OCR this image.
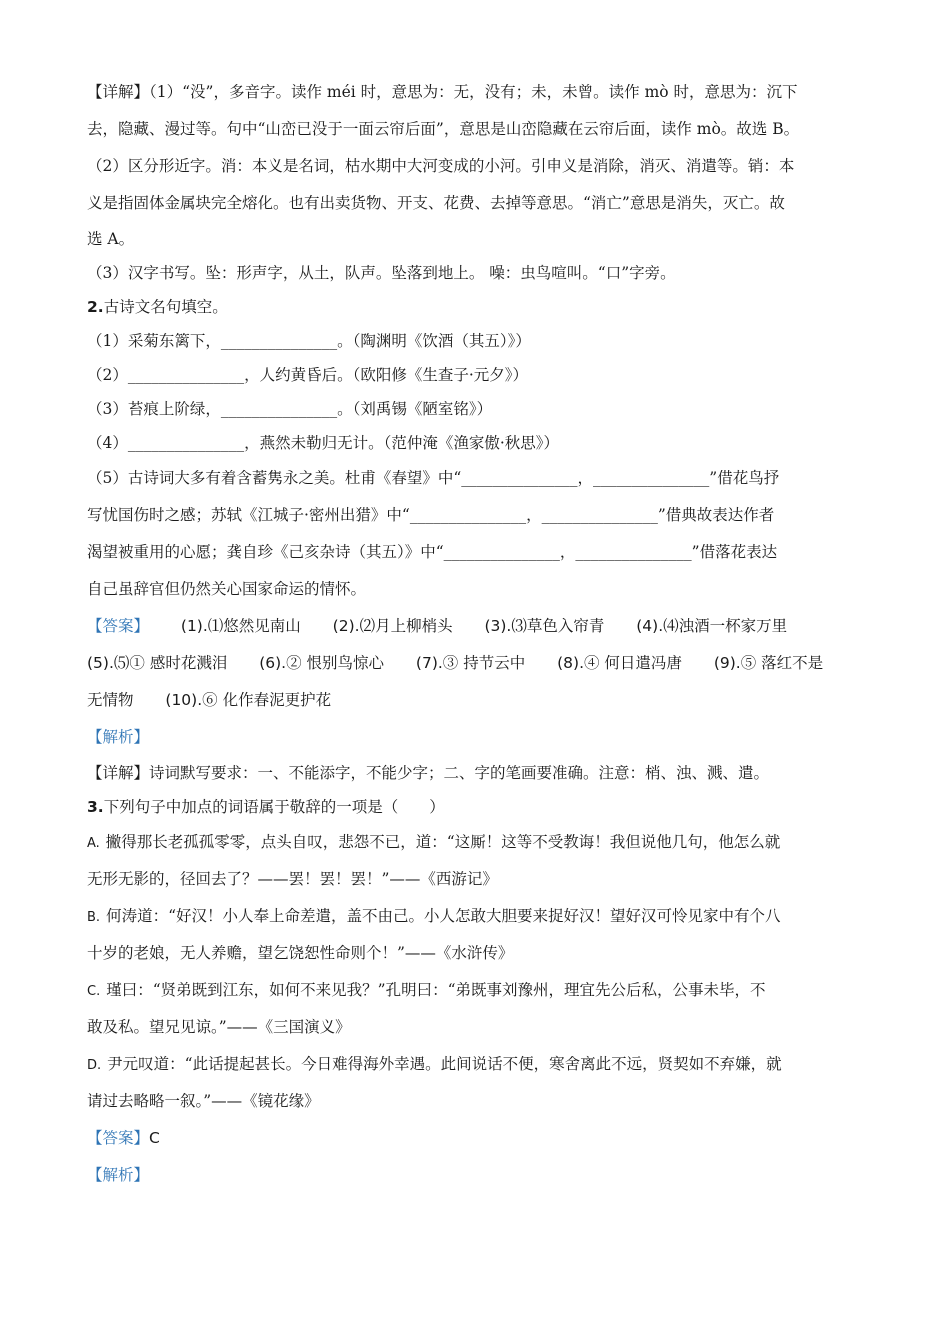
【详解】（1）“没”，多音字。读作 méi 时，意思为：无，没有；未，未曾。读作 mò 时，意思为：沉下
去，隐藏、漫过等。句中“山峦已没于一面云帘后面”，意思是山峦隐藏在云帘后面，读作 mò。故选 B。
（2）区分形近字。消：本义是名词，枯水期中大河变成的小河。引申义是消除，消灭、消遣等。销：本
义是指固体金属块完全熔化。也有出卖货物、开支、花费、去掉等意思。“消亡”意思是消失，灭亡。故
选 A。
（3）汉字书写。坠：形声字，从土，队声。坠落到地上。 噪：虫鸟喧叫。“口”字旁。
2.古诗文名句填空。
（1）采菊东篱下，_______________。（陶渊明《饮酒（其五）》）
（2）_______________，人约黄昏后。（欧阳修《生查子·元夕》）
（3）苔痕上阶绿，_______________。（刘禹锡《陋室铭》）
（4）_______________，燕然未勒归无计。（范仲淹《渔家傲·秋思》）
（5）古诗词大多有着含蓄隽永之美。杜甫《春望》中“_______________，_______________”借花鸟抒
写忧国伤时之感；苏轼《江城子·密州出猎》中“_______________，_______________”借典故表达作者
渴望被重用的心愿；龚自珍《己亥杂诗（其五）》中“_______________，_______________”借落花表达
自己虽辞官但仍然关心国家命运的情怀。
【答案】 (1).⑴悠然见南山 (2).⑵月上柳梢头 (3).⑶草色入帘青 (4).⑷浊酒一杯家万里
(5).⑸① 感时花溅泪 (6).② 恨别鸟惊心 (7).③ 持节云中 (8).④ 何日遣冯唐 (9).⑤ 落红不是
无情物 (10).⑥ 化作春泥更护花
【解析】
【详解】诗词默写要求：一、不能添字，不能少字；二、字的笔画要准确。注意：梢、浊、溅、遣。
3.下列句子中加点的词语属于敬辞的一项是（　　）
A. 撇得那长老孤孤零零，点头自叹，悲怨不已，道：“这厮！这等不受教诲！我但说他几句，他怎么就
无形无影的，径回去了？——罢！罢！罢！”——《西游记》
B. 何涛道：“好汉！小人奉上命差遣，盖不由己。小人怎敢大胆要来捉好汉！望好汉可怜见家中有个八
十岁的老娘，无人养赡，望乞饶恕性命则个！”——《水浒传》
C. 瑾曰：“贤弟既到江东，如何不来见我？”孔明曰：“弟既事刘豫州，理宜先公后私，公事未毕，不
敢及私。望兄见谅。”——《三国演义》
D. 尹元叹道：“此话提起甚长。今日难得海外幸遇。此间说话不便，寒舍离此不远，贤契如不弃嫌，就
请过去略略一叙。”——《镜花缘》
【答案】C
【解析】
